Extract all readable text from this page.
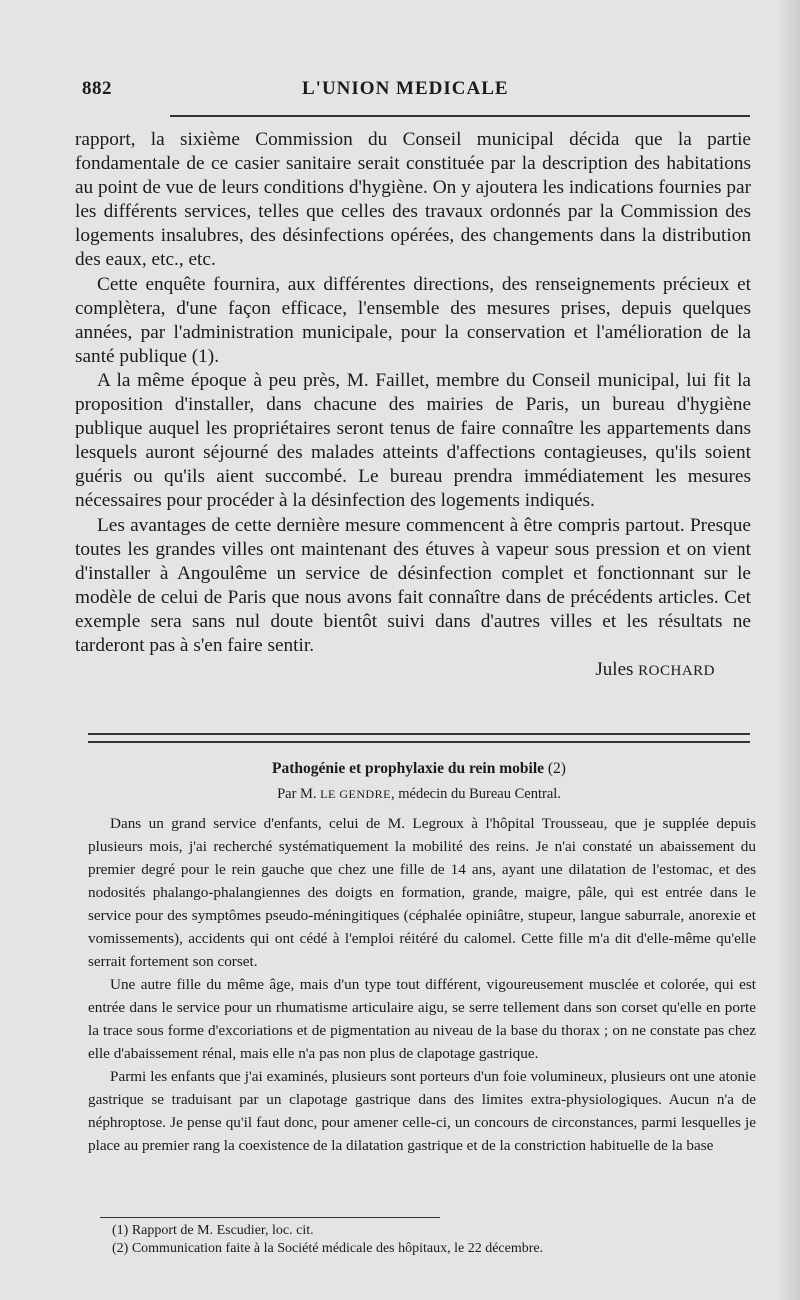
882	L'UNION MEDICALE

rapport, la sixième Commission du Conseil municipal décida que la partie fondamentale de ce casier sanitaire serait constituée par la description des habitations au point de vue de leurs conditions d'hygiène. On y ajoutera les indications fournies par les différents services, telles que celles des travaux ordonnés par la Commission des logements insalubres, des désinfections opérées, des changements dans la distribution des eaux, etc., etc.

Cette enquête fournira, aux différentes directions, des renseignements précieux et complètera, d'une façon efficace, l'ensemble des mesures prises, depuis quelques années, par l'administration municipale, pour la conservation et l'amélioration de la santé publique (1).

A la même époque à peu près, M. Faillet, membre du Conseil municipal, lui fit la proposition d'installer, dans chacune des mairies de Paris, un bureau d'hygiène publique auquel les propriétaires seront tenus de faire connaître les appartements dans lesquels auront séjourné des malades atteints d'affections contagieuses, qu'ils soient guéris ou qu'ils aient succombé. Le bureau prendra immédiatement les mesures nécessaires pour procéder à la désinfection des logements indiqués.

Les avantages de cette dernière mesure commencent à être compris partout. Presque toutes les grandes villes ont maintenant des étuves à vapeur sous pression et on vient d'installer à Angoulême un service de désinfection complet et fonctionnant sur le modèle de celui de Paris que nous avons fait connaître dans de précédents articles. Cet exemple sera sans nul doute bientôt suivi dans d'autres villes et les résultats ne tarderont pas à s'en faire sentir.

Jules ROCHARD
Pathogénie et prophylaxie du rein mobile (2)
Par M. LE GENDRE, médecin du Bureau Central.

Dans un grand service d'enfants, celui de M. Legroux à l'hôpital Trousseau, que je supplée depuis plusieurs mois, j'ai recherché systématiquement la mobilité des reins. Je n'ai constaté un abaissement du premier degré pour le rein gauche que chez une fille de 14 ans, ayant une dilatation de l'estomac, et des nodosités phalango-phalangiennes des doigts en formation, grande, maigre, pâle, qui est entrée dans le service pour des symptômes pseudo-méningitiques (céphalée opiniâtre, stupeur, langue saburrale, anorexie et vomissements), accidents qui ont cédé à l'emploi réitéré du calomel. Cette fille m'a dit d'elle-même qu'elle serrait fortement son corset.

Une autre fille du même âge, mais d'un type tout différent, vigoureusement musclée et colorée, qui est entrée dans le service pour un rhumatisme articulaire aigu, se serre tellement dans son corset qu'elle en porte la trace sous forme d'excoriations et de pigmentation au niveau de la base du thorax ; on ne constate pas chez elle d'abaissement rénal, mais elle n'a pas non plus de clapotage gastrique.

Parmi les enfants que j'ai examinés, plusieurs sont porteurs d'un foie volumineux, plusieurs ont une atonie gastrique se traduisant par un clapotage gastrique dans des limites extra-physiologiques. Aucun n'a de néphroptose. Je pense qu'il faut donc, pour amener celle-ci, un concours de circonstances, parmi lesquelles je place au premier rang la coexistence de la dilatation gastrique et de la constriction habituelle de la base

(1) Rapport de M. Escudier, loc. cit.

(2) Communication faite à la Société médicale des hôpitaux, le 22 décembre.
